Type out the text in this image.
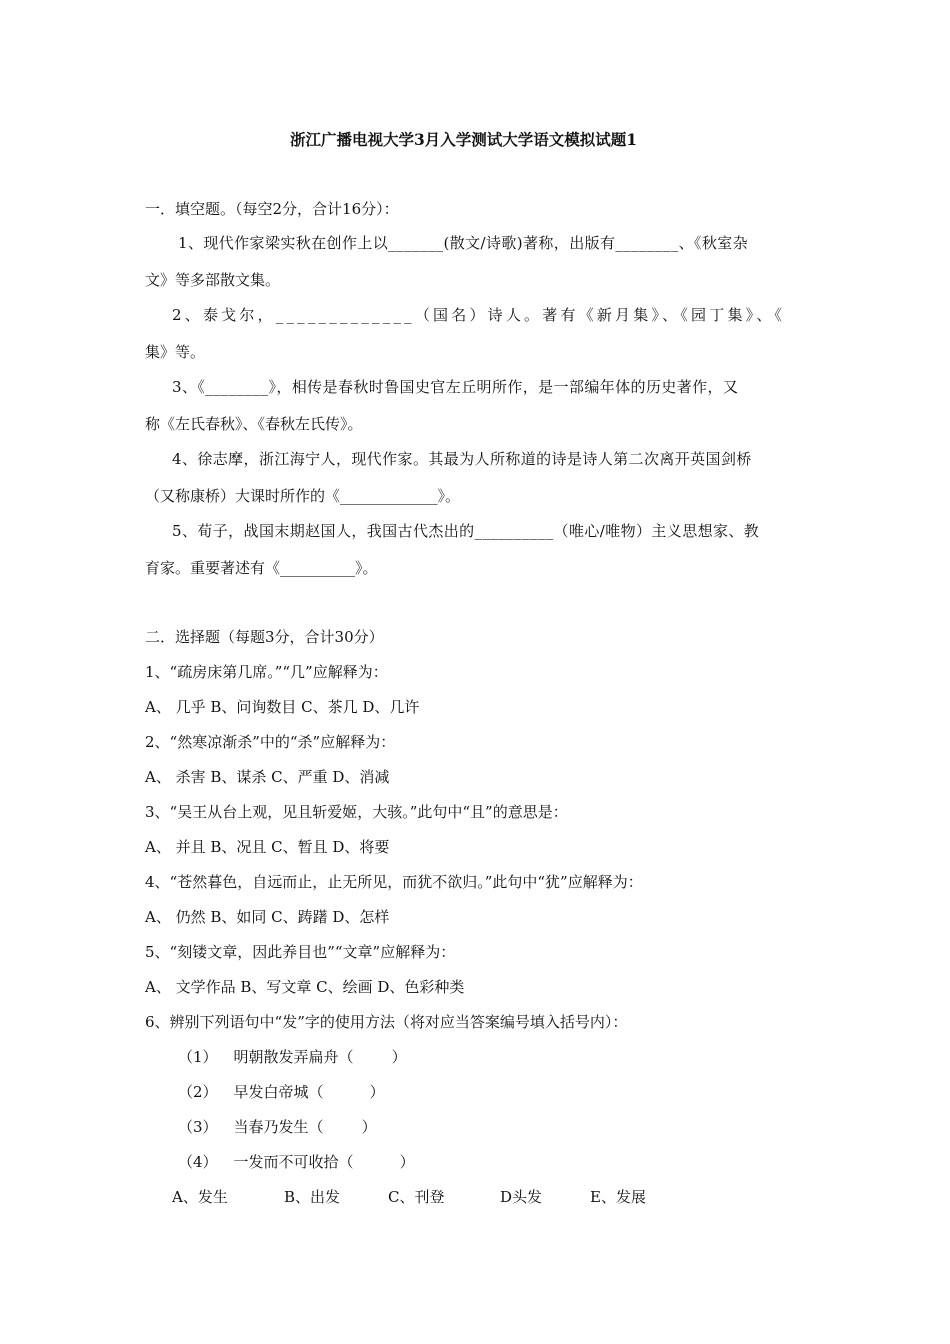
浙江广播电视大学3月入学测试大学语文模拟试题1
一．填空题。（每空2分，合计16分）：
1、现代作家梁实秋在创作上以_______(散文/诗歌)著称，出版有________、《秋室杂
文》等多部散文集。
2、泰戈尔，_____________（国名）诗人。著有《新月集》、《园丁集》、《
集》等。
3、《________》，相传是春秋时鲁国史官左丘明所作，是一部编年体的历史著作，又
称《左氏春秋》、《春秋左氏传》。
4、徐志摩，浙江海宁人，现代作家。其最为人所称道的诗是诗人第二次离开英国剑桥
（又称康桥）大课时所作的《_____________》。
5、荀子，战国末期赵国人，我国古代杰出的__________（唯心/唯物）主义思想家、教
育家。重要著述有《__________》。
二．选择题（每题3分，合计30分）
1、“疏房床第几席。”“几”应解释为：
A、 几乎 B、问询数目 C、茶几 D、几许
2、“然寒凉渐杀”中的“杀”应解释为：
A、 杀害 B、谋杀 C、严重 D、消减
3、“吴王从台上观，见且斩爱姬，大骇。”此句中“且”的意思是：
A、 并且 B、况且 C、暂且 D、将要
4、“苍然暮色，自远而止，止无所见，而犹不欲归。”此句中“犹”应解释为：
A、 仍然 B、如同 C、踌躇 D、怎样
5、“刻镂文章，因此养目也”“文章”应解释为：
A、 文学作品 B、写文章 C、绘画 D、色彩种类
6、辨别下列语句中“发”字的使用方法（将对应当答案编号填入括号内）：
（1） 明朝散发弄扁舟（	）
（2） 早发白帝城（	）
（3） 当春乃发生（	）
（4） 一发而不可收拾（	）
A、发生	B、出发	C、刊登	D头发	E、发展
